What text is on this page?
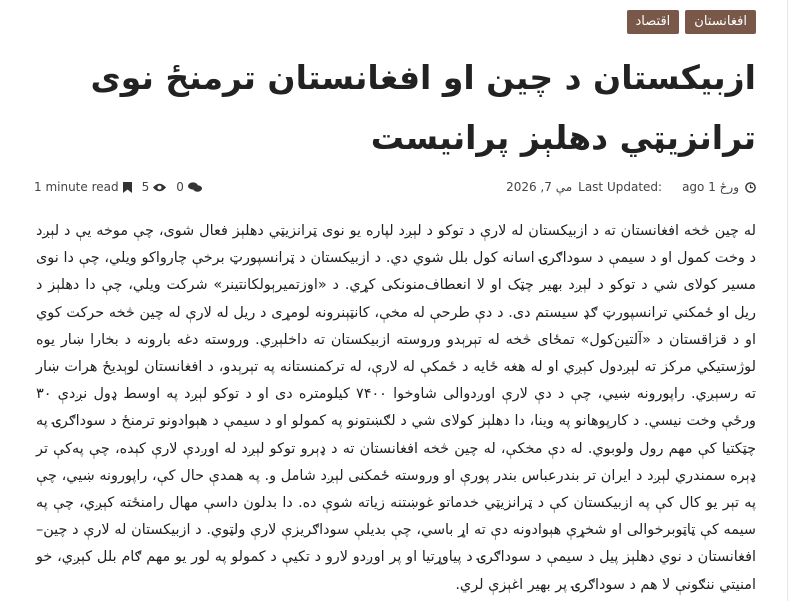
افغانستان
اقتصاد
ازبيکستان د چين او افغانستان ترمنځ نوی ترانزيټي دهلېز پرانيست
1 minute read 5 0	مې 7, 2026 Last Updated: ago 1 ورځ

له چين څخه افغانستان ته د ازبيکستان له لارې د توکو د لېږد لپاره يو نوی ټرانزيټي دهلېز فعال شوی، چې موخه يې د لېږد د وخت کمول او د سيمې د سوداګرۍ اسانه کول بلل شوي دي. د ازبيکستان د ټرانسپورټ برخې چارواکو ويلي، چې دا نوی مسير کولای شي د توکو د لېږد بهير چټک او لا انعطاف‌منونکی کړي. د «اوزتميرېولکانتينر» شرکت ويلي، چې دا دهلېز د ريل او ځمکني ترانسپورټ ګډ سيستم دی. د دې طرحې له مخې، کانټېنرونه لومړی د ريل له لارې له چين څخه حرکت کوي او د قزاقستان د «آلتين‌کول» تمځای څخه له تېرېدو وروسته ازبيکستان ته داخلېږي. وروسته دغه بارونه د بخارا ښار يوه لوژستيکي مرکز ته لېږدول کېږي او له هغه ځايه د ځمکې له لارې، له ترکمنستانه په تېرېدو، د افغانستان لوېديځ هرات ښار ته رسېږي. راپورونه ښيي، چې د دې لارې اوږدوالی شاوخوا ۷۴۰۰ کيلومتره دی او د توکو لېږد په اوسط ډول نږدې ۳۰ ورځې وخت نيسي. د کارپوهانو په وينا، دا دهلېز کولای شي د لګښتونو په کمولو او د سيمې د هېوادونو ترمنځ د سوداګرۍ په چټکتيا کې مهم رول ولوبوي. له دې مخکې، له چين څخه افغانستان ته د ډېرو توکو لېږد له اوږدې لارې کېده، چې په‌کې تر ډېره سمندري لېږد د ايران تر بندرعباس بندر پورې او وروسته ځمکنی لېږد شامل و. په همدې حال کې، راپورونه ښيي، چې په تېر يو کال کې په ازبيکستان کې د ټرانزيټي خدماتو غوښتنه زياته شوې ده. دا بدلون داسې مهال رامنځته کېږي، چې په سيمه کې ټاټوبرخوالی او شخړې هېوادونه دې ته اړ باسي، چې بديلې سوداګريزې لارې ولټوي. د ازبيکستان له لارې د چين–افغانستان د نوي دهلېز پيل د سيمې د سوداګرۍ د پياوړتيا او پر اوږدو لارو د تکيې د کمولو په لور يو مهم ګام بلل کېږي، خو امنيتي ننګونې لا هم د سوداګرۍ پر بهير اغېزې لري.
